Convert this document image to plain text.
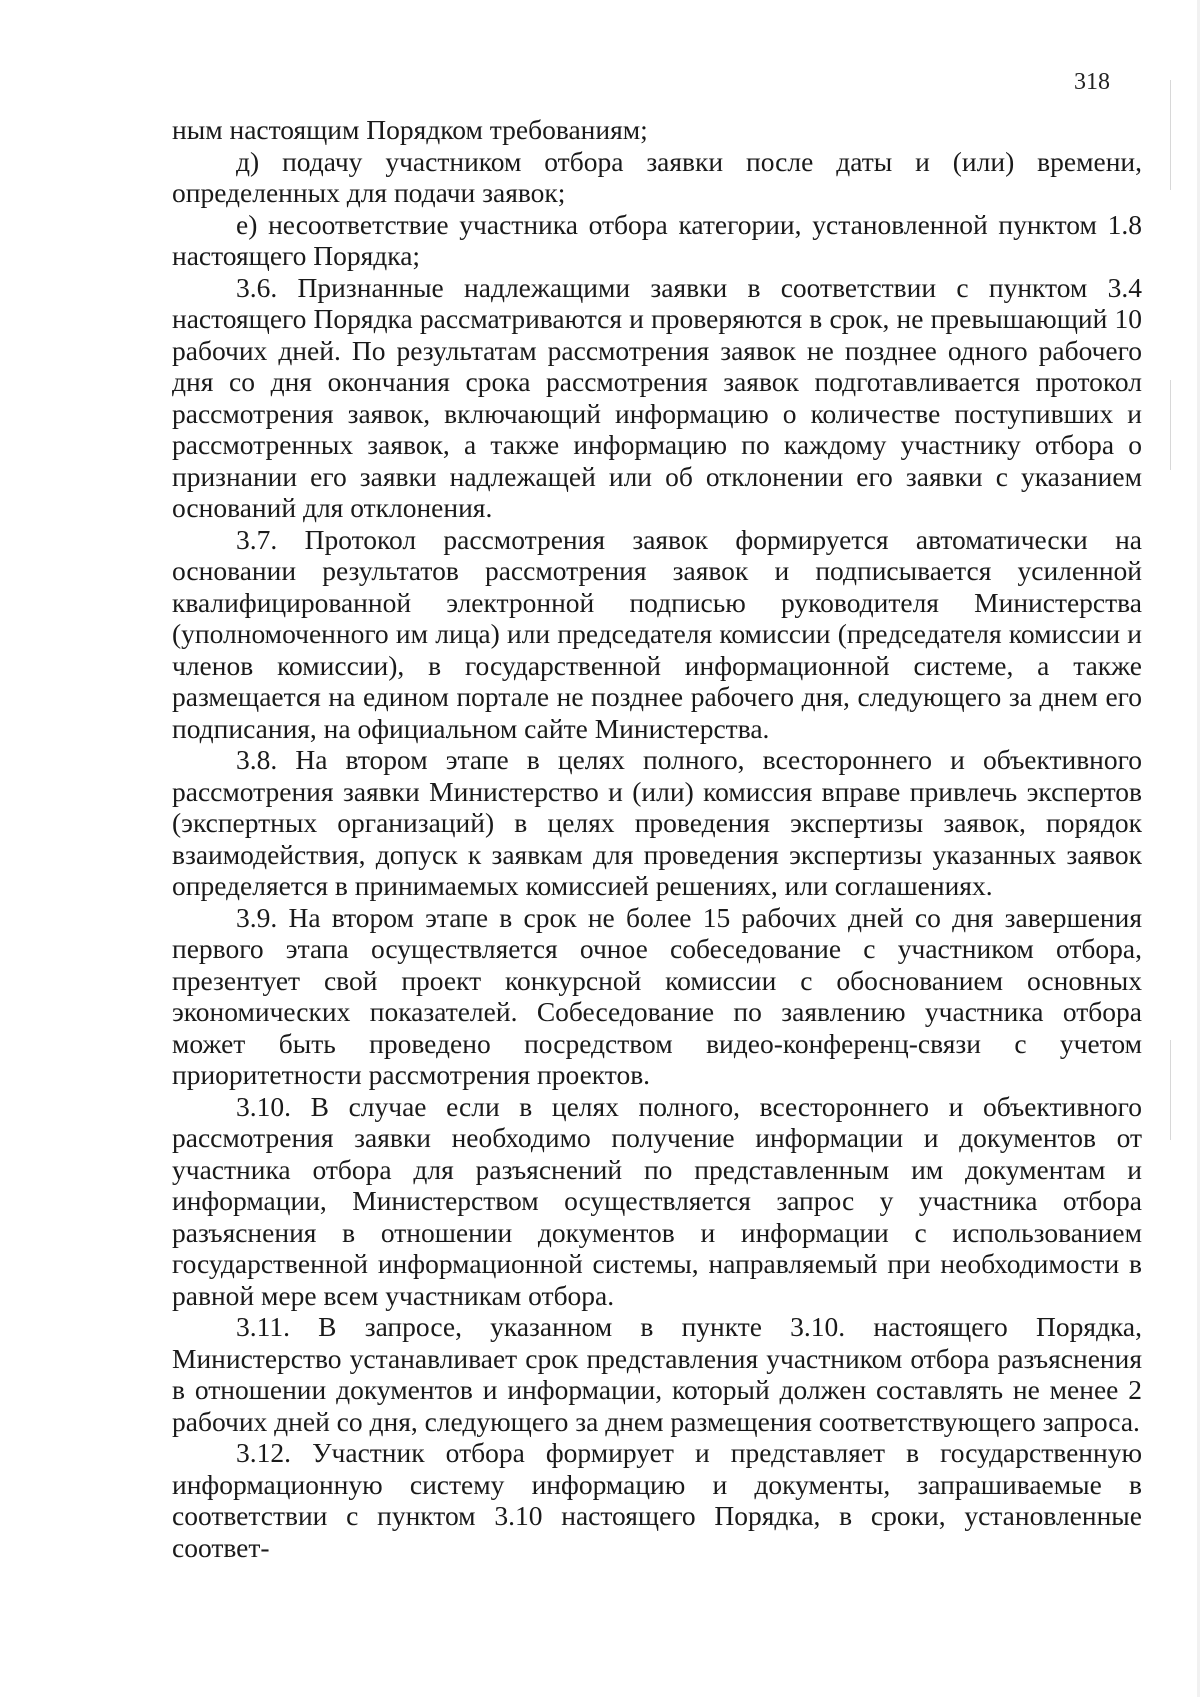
318

ным настоящим Порядком требованиям;

д) подачу участником отбора заявки после даты и (или) времени, определенных для подачи заявок;

е) несоответствие участника отбора категории, установленной пунктом 1.8 настоящего Порядка;

3.6. Признанные надлежащими заявки в соответствии с пунктом 3.4 настоящего Порядка рассматриваются и проверяются в срок, не превышающий 10 рабочих дней. По результатам рассмотрения заявок не позднее одного рабочего дня со дня окончания срока рассмотрения заявок подготавливается протокол рассмотрения заявок, включающий информацию о количестве поступивших и рассмотренных заявок, а также информацию по каждому участнику отбора о признании его заявки надлежащей или об отклонении его заявки с указанием оснований для отклонения.

3.7. Протокол рассмотрения заявок формируется автоматически на основании результатов рассмотрения заявок и подписывается усиленной квалифицированной электронной подписью руководителя Министерства (уполномоченного им лица) или председателя комиссии (председателя комиссии и членов комиссии), в государственной информационной системе, а также размещается на едином портале не позднее рабочего дня, следующего за днем его подписания, на официальном сайте Министерства.

3.8. На втором этапе в целях полного, всестороннего и объективного рассмотрения заявки Министерство и (или) комиссия вправе привлечь экспертов (экспертных организаций) в целях проведения экспертизы заявок, порядок взаимодействия, допуск к заявкам для проведения экспертизы указанных заявок определяется в принимаемых комиссией решениях, или соглашениях.

3.9. На втором этапе в срок не более 15 рабочих дней со дня завершения первого этапа осуществляется очное собеседование с участником отбора, презентует свой проект конкурсной комиссии с обоснованием основных экономических показателей. Собеседование по заявлению участника отбора может быть проведено посредством видео-конференц-связи с учетом приоритетности рассмотрения проектов.

3.10. В случае если в целях полного, всестороннего и объективного рассмотрения заявки необходимо получение информации и документов от участника отбора для разъяснений по представленным им документам и информации, Министерством осуществляется запрос у участника отбора разъяснения в отношении документов и информации с использованием государственной информационной системы, направляемый при необходимости в равной мере всем участникам отбора.

3.11. В запросе, указанном в пункте 3.10. настоящего Порядка, Министерство устанавливает срок представления участником отбора разъяснения в отношении документов и информации, который должен составлять не менее 2 рабочих дней со дня, следующего за днем размещения соответствующего запроса.

3.12. Участник отбора формирует и представляет в государственную информационную систему информацию и документы, запрашиваемые в соответствии с пунктом 3.10 настоящего Порядка, в сроки, установленные соответ-
